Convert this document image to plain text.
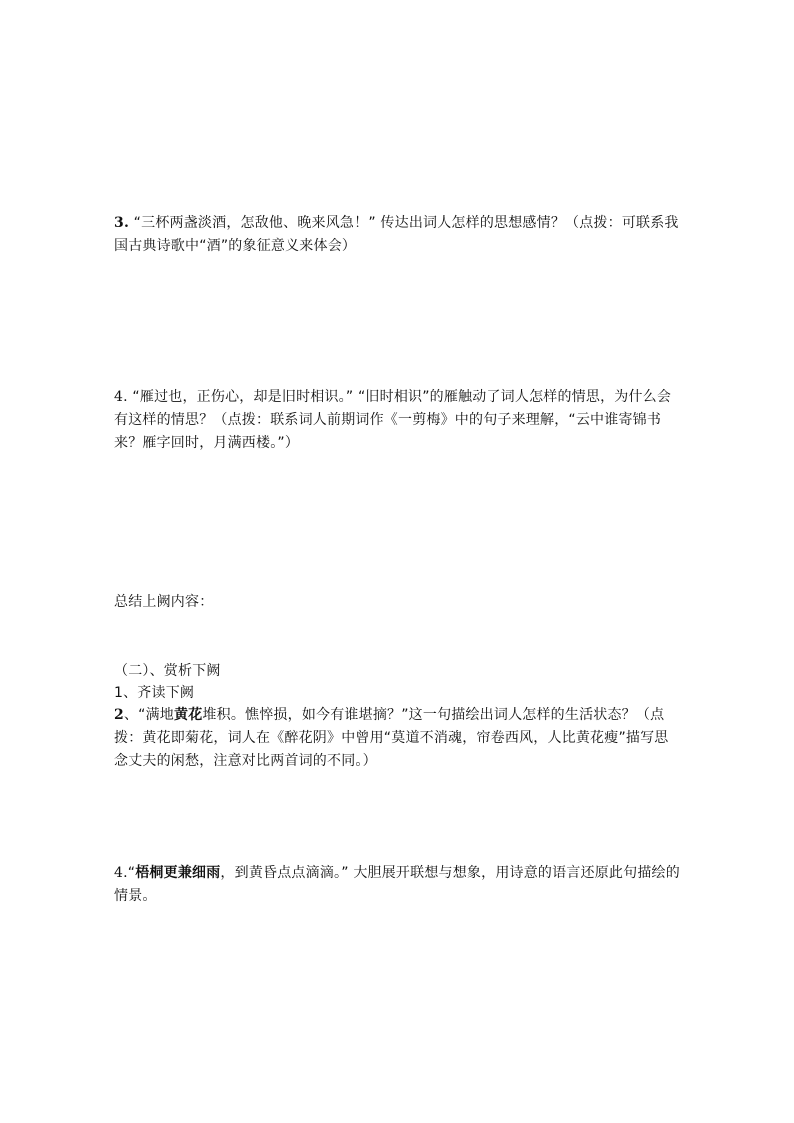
3. “三杯两盏淡酒，怎敌他、晚来风急！” 传达出词人怎样的思想感情？（点拨：可联系我国古典诗歌中“酒”的象征意义来体会）

4. “雁过也，正伤心，却是旧时相识。” “旧时相识”的雁触动了词人怎样的情思，为什么会有这样的情思？（点拨：联系词人前期词作《一剪梅》中的句子来理解，“云中谁寄锦书来？雁字回时，月满西楼。”）

总结上阙内容：

（二）、赏析下阙

1、齐读下阙

2、“满地黄花堆积。憔悴损，如今有谁堪摘？”这一句描绘出词人怎样的生活状态？（点拨：黄花即菊花，词人在《醉花阴》中曾用“莫道不消魂，帘卷西风，人比黄花瘦”描写思念丈夫的闲愁，注意对比两首词的不同。）

4.“梧桐更兼细雨，到黄昏点点滴滴。” 大胆展开联想与想象，用诗意的语言还原此句描绘的情景。
